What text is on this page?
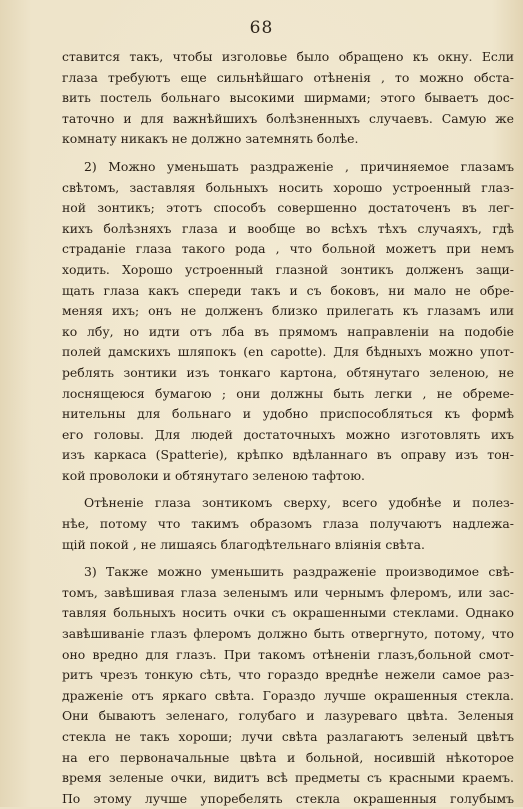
68
ставится такъ, чтобы изголовье было обращено къ окну. Если
глаза требуютъ еще сильнѣйшаго отѣненія , то можно обста-
вить постель больнаго высокими ширмами; этого бываетъ дос-
таточно и для важнѣйшихъ болѣзненныхъ случаевъ. Самую же
комнату никакъ не должно затемнять болѣе.
2) Можно уменьшать раздраженіе , причиняемое глазамъ
свѣтомъ, заставляя больныхъ носить хорошо устроенный глаз-
ной зонтикъ; этотъ способъ совершенно достаточенъ въ лег-
кихъ болѣзняхъ глаза и вообще во всѣхъ тѣхъ случаяхъ, гдѣ
страданіе глаза такого рода , что больной можетъ при немъ
ходить. Хорошо устроенный глазной зонтикъ долженъ защи-
щать глаза какъ спереди такъ и съ боковъ, ни мало не обре-
меняя ихъ; онъ не долженъ близко прилегать къ глазамъ или
ко лбу, но идти отъ лба въ прямомъ направленіи на подобіе
полей дамскихъ шляпокъ (en capotte). Для бѣдныхъ можно упот-
реблять зонтики изъ тонкаго картона, обтянутаго зеленою, не
лоснящеюся бумагою ; они должны быть легки , не обреме-
нительны для больнаго и удобно приспособляться къ формѣ
его головы. Для людей достаточныхъ можно изготовлять ихъ
изъ каркаса (Spatterie), крѣпко вдѣланнаго въ оправу изъ тон-
кой проволоки и обтянутаго зеленою тафтою.
Отѣненіе глаза зонтикомъ сверху, всего удобнѣе и полез-
нѣе, потому что такимъ образомъ глаза получаютъ надлежа-
щій покой , не лишаясь благодѣтельнаго вліянія свѣта.
3) Также можно уменьшить раздраженіе производимое свѣ-
томъ, завѣшивая глаза зеленымъ или чернымъ флеромъ, или зас-
тавляя больныхъ носить очки съ окрашенными стеклами. Однако
завѣшиваніе глазъ флеромъ должно быть отвергнуто, потому, что
оно вредно для глазъ. При такомъ отѣненіи глазъ,больной смот-
ритъ чрезъ тонкую сѣть, что гораздо вреднѣе нежели самое раз-
драженіе отъ яркаго свѣта. Гораздо лучше окрашенныя стекла.
Они бываютъ зеленаго, голубаго и лазуреваго цвѣта. Зеленыя
стекла не такъ хороши; лучи свѣта разлагаютъ зеленый цвѣтъ
на его первоначальные цвѣта и больной, носившій нѣкоторое
время зеленые очки, видитъ всѣ предметы съ красными краемъ.
По этому лучше упоребелять стекла окрашенныя голубымъ
